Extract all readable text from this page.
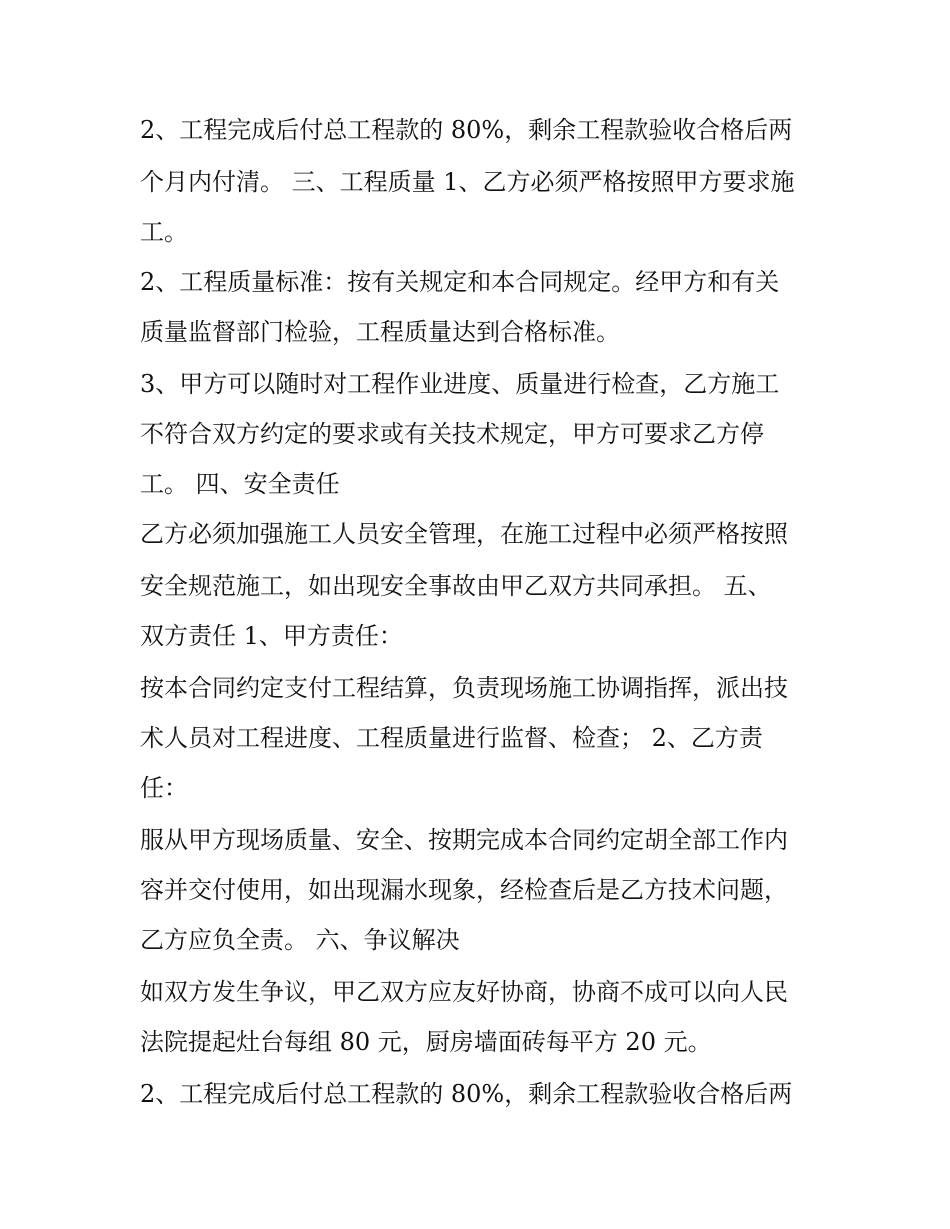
2、工程完成后付总工程款的 80%，剩余工程款验收合格后两
个月内付清。 三、工程质量 1、乙方必须严格按照甲方要求施
工。
2、工程质量标准：按有关规定和本合同规定。经甲方和有关
质量监督部门检验，工程质量达到合格标准。
3、甲方可以随时对工程作业进度、质量进行检查，乙方施工
不符合双方约定的要求或有关技术规定，甲方可要求乙方停
工。 四、安全责任
乙方必须加强施工人员安全管理，在施工过程中必须严格按照
安全规范施工，如出现安全事故由甲乙双方共同承担。 五、
双方责任 1、甲方责任：
按本合同约定支付工程结算，负责现场施工协调指挥，派出技
术人员对工程进度、工程质量进行监督、检查； 2、乙方责
任：
服从甲方现场质量、安全、按期完成本合同约定胡全部工作内
容并交付使用，如出现漏水现象，经检查后是乙方技术问题，
乙方应负全责。 六、争议解决
如双方发生争议，甲乙双方应友好协商，协商不成可以向人民
法院提起灶台每组 80 元，厨房墙面砖每平方 20 元。
2、工程完成后付总工程款的 80%，剩余工程款验收合格后两
